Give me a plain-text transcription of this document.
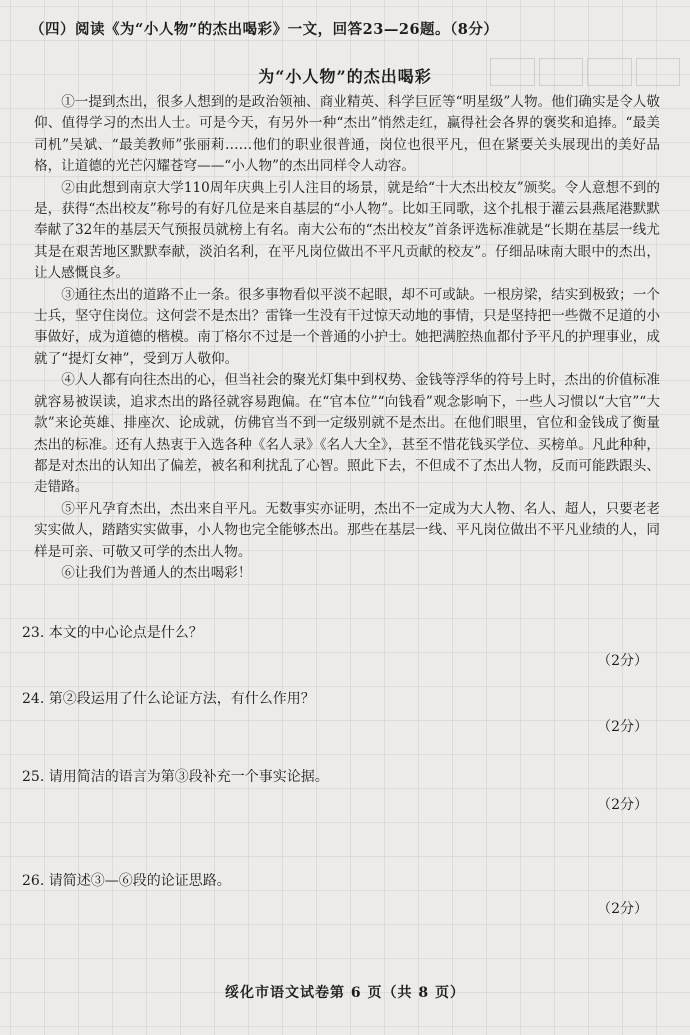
（四）阅读《为“小人物”的杰出喝彩》一文，回答23—26题。（8分）
为“小人物”的杰出喝彩

①一提到杰出，很多人想到的是政治领袖、商业精英、科学巨匠等“明星级”人物。他们确实是令人敬仰、值得学习的杰出人士。可是今天，有另外一种“杰出”悄然走红，赢得社会各界的褒奖和追捧。“最美司机”吴斌、“最美教师”张丽莉……他们的职业很普通，岗位也很平凡，但在紧要关头展现出的美好品格，让道德的光芒闪耀苍穹——“小人物”的杰出同样令人动容。

②由此想到南京大学110周年庆典上引人注目的场景，就是给“十大杰出校友”颁奖。令人意想不到的是，获得“杰出校友”称号的有好几位是来自基层的“小人物”。比如王同歌，这个扎根于灌云县燕尾港默默奉献了32年的基层天气预报员就榜上有名。南大公布的“杰出校友”首条评选标准就是“长期在基层一线尤其是在艰苦地区默默奉献，淡泊名利，在平凡岗位做出不平凡贡献的校友”。仔细品味南大眼中的杰出，让人感慨良多。

③通往杰出的道路不止一条。很多事物看似平淡不起眼，却不可或缺。一根房梁，结实到极致；一个士兵，坚守住岗位。这何尝不是杰出？雷锋一生没有干过惊天动地的事情，只是坚持把一些微不足道的小事做好，成为道德的楷模。南丁格尔不过是一个普通的小护士。她把满腔热血都付予平凡的护理事业，成就了“提灯女神”，受到万人敬仰。

④人人都有向往杰出的心，但当社会的聚光灯集中到权势、金钱等浮华的符号上时，杰出的价值标准就容易被误读，追求杰出的路径就容易跑偏。在“官本位”“向钱看”观念影响下，一些人习惯以“大官”“大款”来论英雄、排座次、论成就，仿佛官当不到一定级别就不是杰出。在他们眼里，官位和金钱成了衡量杰出的标准。还有人热衷于入选各种《名人录》《名人大全》，甚至不惜花钱买学位、买榜单。凡此种种，都是对杰出的认知出了偏差，被名和利扰乱了心智。照此下去，不但成不了杰出人物，反而可能跌跟头、走错路。

⑤平凡孕育杰出，杰出来自平凡。无数事实亦证明，杰出不一定成为大人物、名人、超人，只要老老实实做人，踏踏实实做事，小人物也完全能够杰出。那些在基层一线、平凡岗位做出不平凡业绩的人，同样是可亲、可敬又可学的杰出人物。

⑥让我们为普通人的杰出喝彩！

23. 本文的中心论点是什么？
（2分）
24. 第②段运用了什么论证方法，有什么作用？
（2分）
25. 请用简洁的语言为第③段补充一个事实论据。
（2分）
26. 请简述③—⑥段的论证思路。
（2分）
绥化市语文试卷第 6 页（共 8 页）
